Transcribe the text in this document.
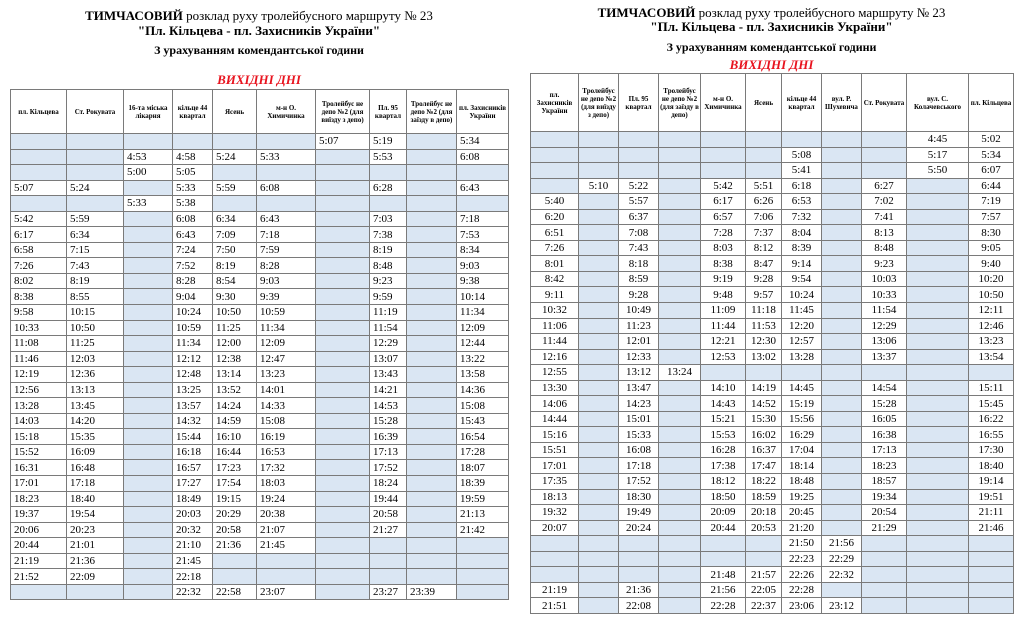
ТИМЧАСОВИЙ розклад руху тролейбусного маршруту № 23
"Пл. Кільцева - пл. Захисників України"
З урахуванням комендантської години
ВИХІДНІ ДНІ
пл. Кільцева	Ст. Рокувата	16-та міська лікарня	кільце 44 квартал	Ясень	м-н О. Химичинка	Тролейбус не депо №2 (для виїзду з депо)	Пл. 95 квартал	Тролейбус не депо №2 (для заїзду в депо)	пл. Захисників України
						5:07	5:19		5:34
		4:53	4:58	5:24	5:33		5:53		6:08
		5:00	5:05						
5:07	5:24		5:33	5:59	6:08		6:28		6:43
		5:33	5:38						
5:42	5:59		6:08	6:34	6:43		7:03		7:18
6:17	6:34		6:43	7:09	7:18		7:38		7:53
6:58	7:15		7:24	7:50	7:59		8:19		8:34
7:26	7:43		7:52	8:19	8:28		8:48		9:03
8:02	8:19		8:28	8:54	9:03		9:23		9:38
8:38	8:55		9:04	9:30	9:39		9:59		10:14
9:58	10:15		10:24	10:50	10:59		11:19		11:34
10:33	10:50		10:59	11:25	11:34		11:54		12:09
11:08	11:25		11:34	12:00	12:09		12:29		12:44
11:46	12:03		12:12	12:38	12:47		13:07		13:22
12:19	12:36		12:48	13:14	13:23		13:43		13:58
12:56	13:13		13:25	13:52	14:01		14:21		14:36
13:28	13:45		13:57	14:24	14:33		14:53		15:08
14:03	14:20		14:32	14:59	15:08		15:28		15:43
15:18	15:35		15:44	16:10	16:19		16:39		16:54
15:52	16:09		16:18	16:44	16:53		17:13		17:28
16:31	16:48		16:57	17:23	17:32		17:52		18:07
17:01	17:18		17:27	17:54	18:03		18:24		18:39
18:23	18:40		18:49	19:15	19:24		19:44		19:59
19:37	19:54		20:03	20:29	20:38		20:58		21:13
20:06	20:23		20:32	20:58	21:07		21:27		21:42
20:44	21:01		21:10	21:36	21:45				
21:19	21:36		21:45						
21:52	22:09		22:18						
			22:32	22:58	23:07		23:27	23:39	
ТИМЧАСОВИЙ розклад руху тролейбусного маршруту № 23
"Пл. Кільцева - пл. Захисників України"
З урахуванням комендантської години
ВИХІДНІ ДНІ
пл. Захисників України	Тролейбус не депо №2 (для виїзду з депо)	Пл. 95 квартал	Тролейбус не депо №2 (для заїзду в депо)	м-н О. Химичинка	Ясень	кільце 44 квартал	вул. Р. Шухевича	Ст. Рокувата	вул. С. Колачевського	пл. Кільцева
									4:45	5:02
						5:08			5:17	5:34
						5:41			5:50	6:07
	5:10	5:22		5:42	5:51	6:18		6:27		6:44
5:40		5:57		6:17	6:26	6:53		7:02		7:19
6:20		6:37		6:57	7:06	7:32		7:41		7:57
6:51		7:08		7:28	7:37	8:04		8:13		8:30
7:26		7:43		8:03	8:12	8:39		8:48		9:05
8:01		8:18		8:38	8:47	9:14		9:23		9:40
8:42		8:59		9:19	9:28	9:54		10:03		10:20
9:11		9:28		9:48	9:57	10:24		10:33		10:50
10:32		10:49		11:09	11:18	11:45		11:54		12:11
11:06		11:23		11:44	11:53	12:20		12:29		12:46
11:44		12:01		12:21	12:30	12:57		13:06		13:23
12:16		12:33		12:53	13:02	13:28		13:37		13:54
12:55		13:12	13:24							
13:30		13:47		14:10	14:19	14:45		14:54		15:11
14:06		14:23		14:43	14:52	15:19		15:28		15:45
14:44		15:01		15:21	15:30	15:56		16:05		16:22
15:16		15:33		15:53	16:02	16:29		16:38		16:55
15:51		16:08		16:28	16:37	17:04		17:13		17:30
17:01		17:18		17:38	17:47	18:14		18:23		18:40
17:35		17:52		18:12	18:22	18:48		18:57		19:14
18:13		18:30		18:50	18:59	19:25		19:34		19:51
19:32		19:49		20:09	20:18	20:45		20:54		21:11
20:07		20:24		20:44	20:53	21:20		21:29		21:46
						21:50	21:56			
						22:23	22:29			
				21:48	21:57	22:26	22:32			
21:19		21:36		21:56	22:05	22:28				
21:51		22:08		22:28	22:37	23:06	23:12			
